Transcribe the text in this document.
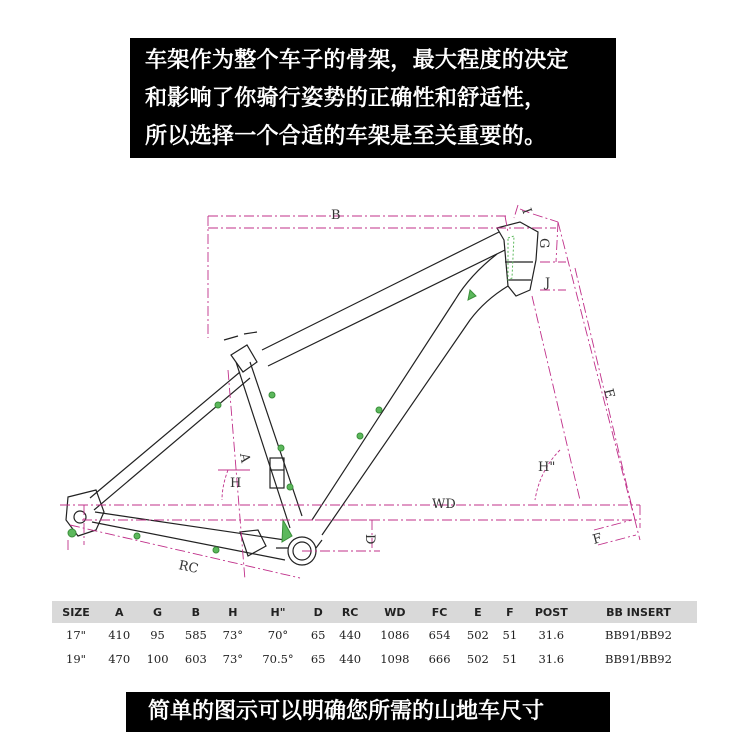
车架作为整个车子的骨架，最大程度的决定
和影响了你骑行姿势的正确性和舒适性，
所以选择一个合适的车架是至关重要的。
B	I
G
J
E
A
H
H"
WD
D
RC
F
SIZE	A	G	B	H	H"	D	RC	WD	FC	E	F	POST	BB INSERT
17"	410	95	585	73°	70°	65	440	1086	654	502	51	31.6	BB91/BB92
19"	470	100	603	73°	70.5°	65	440	1098	666	502	51	31.6	BB91/BB92
简单的图示可以明确您所需的山地车尺寸
